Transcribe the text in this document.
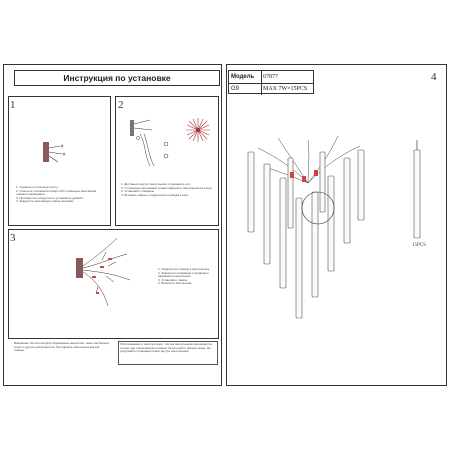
Инструкция по установке
1
1. Снимите потолочную плиту.
2. Отметьте положения отверстий с помощью монтажной планки и карандаша.
3. Просверлите отверстия и установите дюбели.
4. Закрепите монтажную планку винтами.
2
1. Достаньте корпус светильника и проведите его.
2. С помощью монтажной планки закрепите светильник на стене.
3. Установите плафоны.
4. Вставьте лампы и подключите провода к сети.
3
1. Подключите провод к светильнику.
2. Закрепите основание и проверьте надёжность крепления.
3. Установите лампы.
4. Включите светильник.
Внимание! Не используйте абразивные вещества, такие как бензин, спирт и другие растворители. Протирайте светильник мягкой тканью.
Обслуживание и эксплуатация. Чистка светильника производится только при отключённом питании. Используйте мягкую ткань. Не допускайте попадания влаги внутрь светильника.
Модель 07877
G9	MAX 7W×15PCS
4
15PCS
